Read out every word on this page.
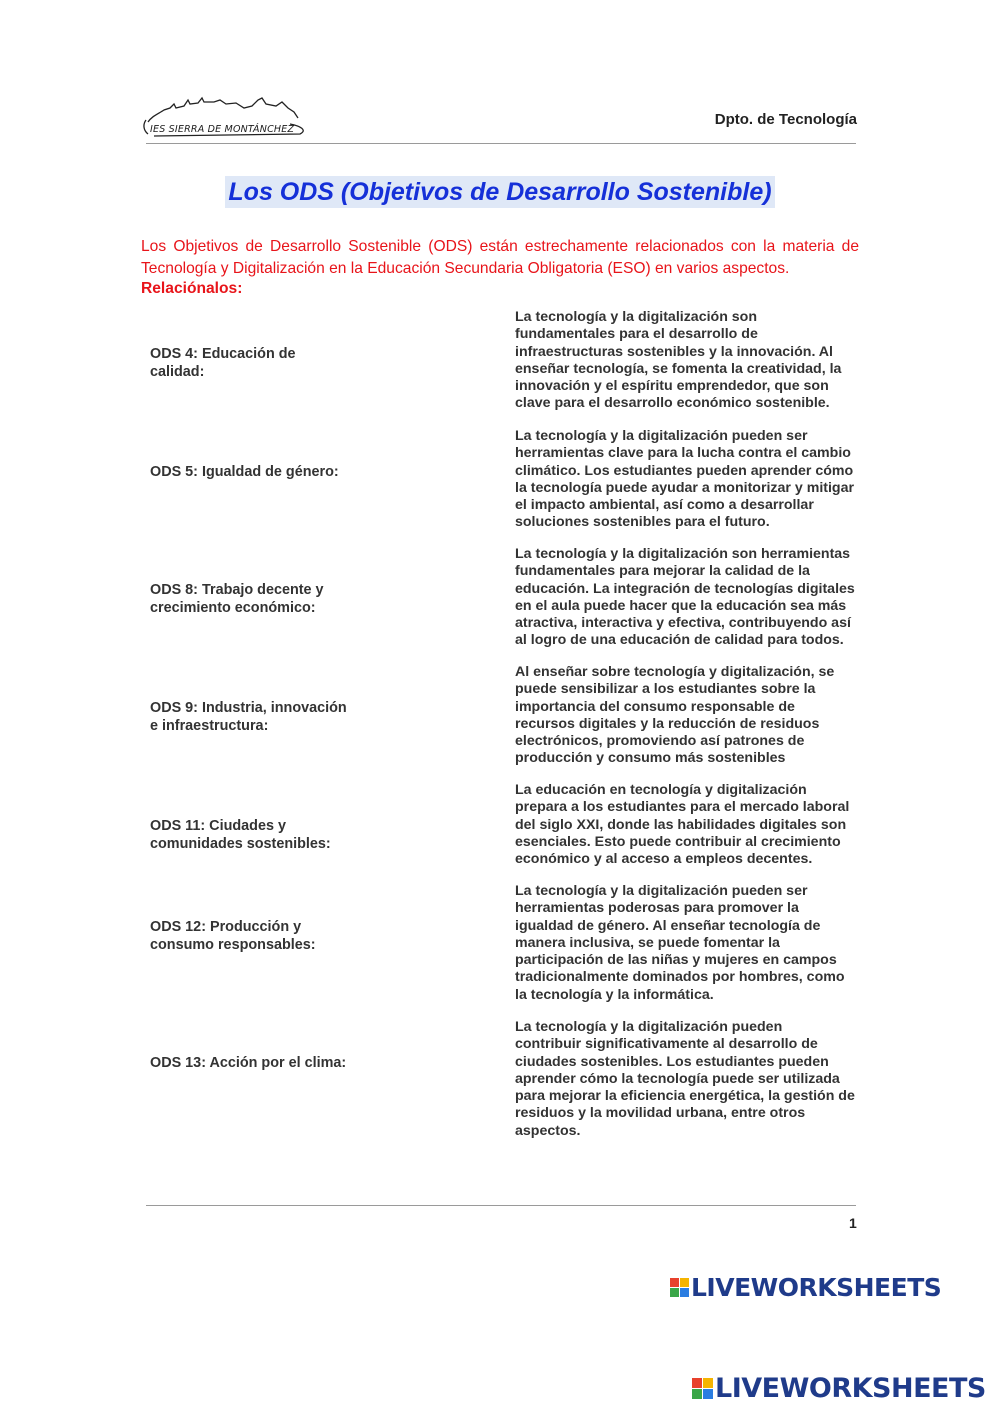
IES SIERRA DE MONTÁNCHEZ
Dpto. de Tecnología
Los ODS (Objetivos de Desarrollo Sostenible)
Los Objetivos de Desarrollo Sostenible (ODS) están estrechamente relacionados con la materia de Tecnología y Digitalización en la Educación Secundaria Obligatoria (ESO) en varios aspectos.
Relaciónalos:
ODS 4: Educación de calidad:
ODS 5: Igualdad de género:
ODS 8: Trabajo decente y crecimiento económico:
ODS 9: Industria, innovación e infraestructura:
ODS 11: Ciudades y comunidades sostenibles:
ODS 12: Producción y consumo responsables:
ODS 13: Acción por el clima:
La tecnología y la digitalización son
fundamentales para el desarrollo de
infraestructuras sostenibles y la innovación. Al
enseñar tecnología, se fomenta la creatividad, la
innovación y el espíritu emprendedor, que son
clave para el desarrollo económico sostenible.
La tecnología y la digitalización pueden ser
herramientas clave para la lucha contra el cambio
climático. Los estudiantes pueden aprender cómo
la tecnología puede ayudar a monitorizar y mitigar
el impacto ambiental, así como a desarrollar
soluciones sostenibles para el futuro.
La tecnología y la digitalización son herramientas
fundamentales para mejorar la calidad de la
educación. La integración de tecnologías digitales
en el aula puede hacer que la educación sea más
atractiva, interactiva y efectiva, contribuyendo así
al logro de una educación de calidad para todos.
Al enseñar sobre tecnología y digitalización, se
puede sensibilizar a los estudiantes sobre la
importancia del consumo responsable de
recursos digitales y la reducción de residuos
electrónicos, promoviendo así patrones de
producción y consumo más sostenibles
La educación en tecnología y digitalización
prepara a los estudiantes para el mercado laboral
del siglo XXI, donde las habilidades digitales son
esenciales. Esto puede contribuir al crecimiento
económico y al acceso a empleos decentes.
La tecnología y la digitalización pueden ser
herramientas poderosas para promover la
igualdad de género. Al enseñar tecnología de
manera inclusiva, se puede fomentar la
participación de las niñas y mujeres en campos
tradicionalmente dominados por hombres, como
la tecnología y la informática.
La tecnología y la digitalización pueden
contribuir significativamente al desarrollo de
ciudades sostenibles. Los estudiantes pueden
aprender cómo la tecnología puede ser utilizada
para mejorar la eficiencia energética, la gestión de
residuos y la movilidad urbana, entre otros
aspectos.
1
LIVEWORKSHEETS
LIVEWORKSHEETS
